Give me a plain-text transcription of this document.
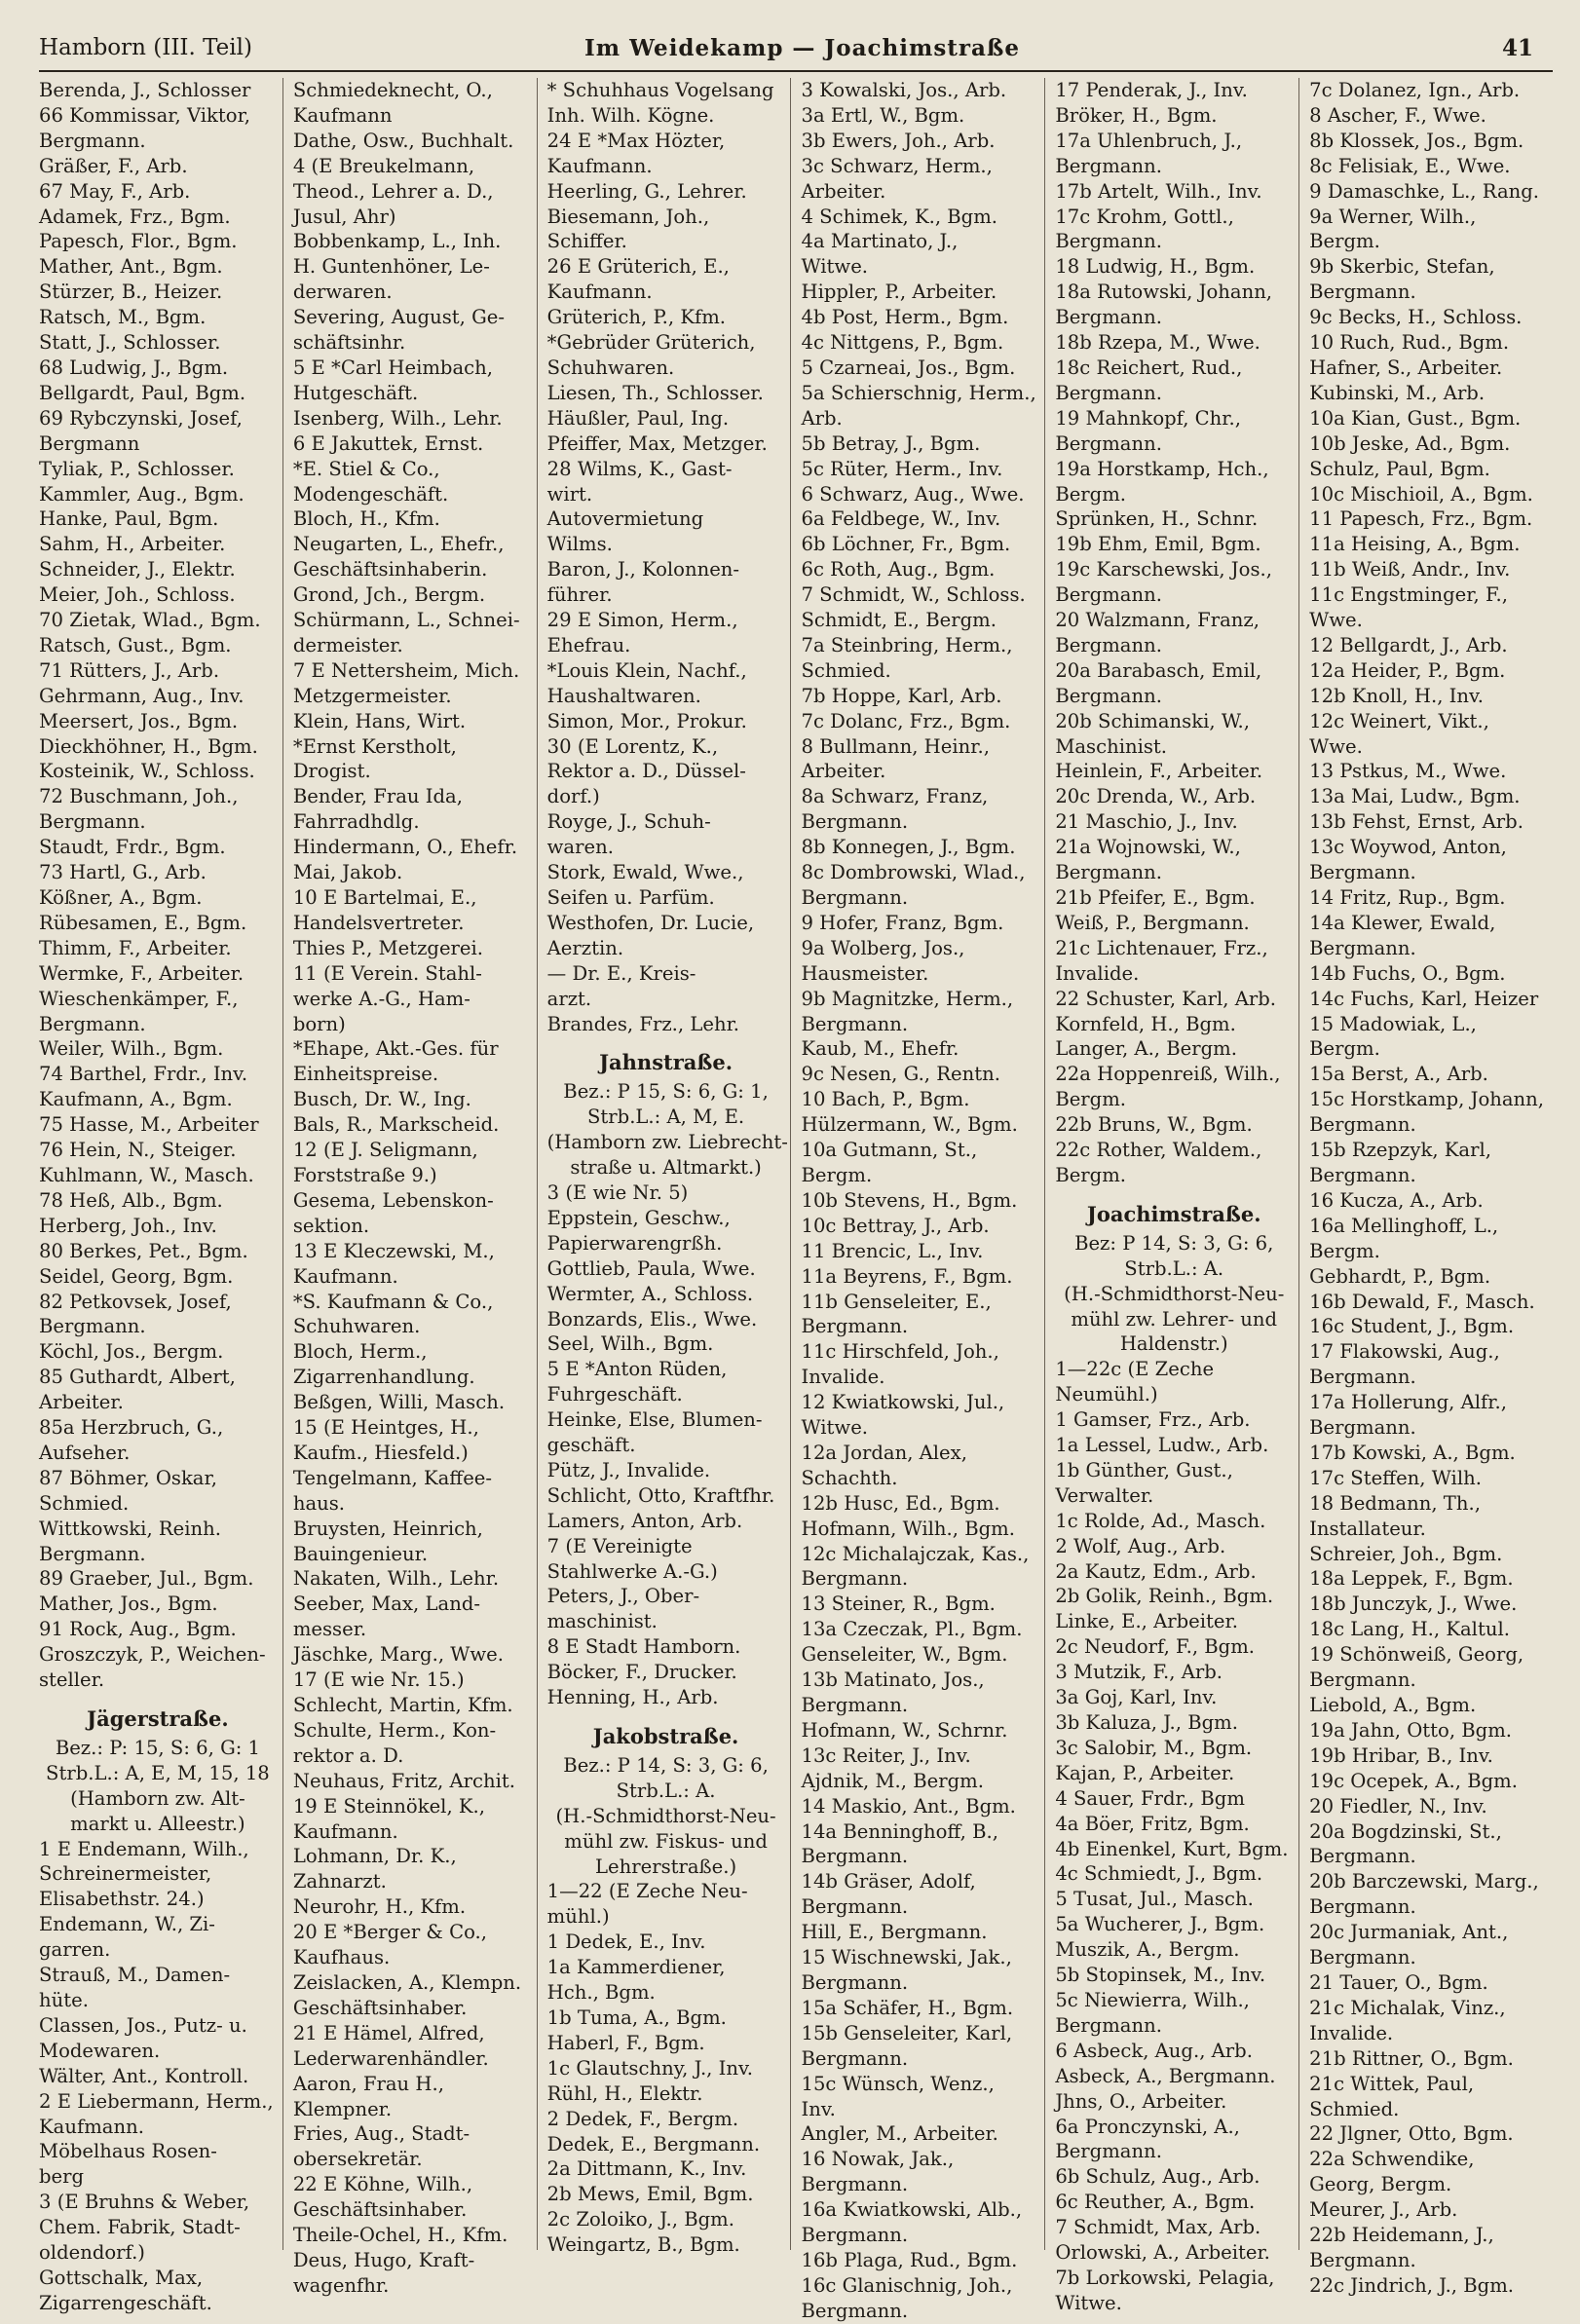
Hamborn (III. Teil)	Im Weidekamp — Joachimstraße	41
Berenda, J., Schlosser
66 Kommissar, Viktor,
Bergmann.
Gräßer, F., Arb.
67 May, F., Arb.
Adamek, Frz., Bgm.
Papesch, Flor., Bgm.
Mather, Ant., Bgm.
Stürzer, B., Heizer.
Ratsch, M., Bgm.
Statt, J., Schlosser.
68 Ludwig, J., Bgm.
Bellgardt, Paul, Bgm.
69 Rybczynski, Josef,
Bergmann
Tyliak, P., Schlosser.
Kammler, Aug., Bgm.
Hanke, Paul, Bgm.
Sahm, H., Arbeiter.
Schneider, J., Elektr.
Meier, Joh., Schloss.
70 Zietak, Wlad., Bgm.
Ratsch, Gust., Bgm.
71 Rütters, J., Arb.
Gehrmann, Aug., Inv.
Meersert, Jos., Bgm.
Dieckhöhner, H., Bgm.
Kosteinik, W., Schloss.
72 Buschmann, Joh.,
Bergmann.
Staudt, Frdr., Bgm.
73 Hartl, G., Arb.
Kößner, A., Bgm.
Rübesamen, E., Bgm.
Thimm, F., Arbeiter.
Wermke, F., Arbeiter.
Wieschenkämper, F.,
Bergmann.
Weiler, Wilh., Bgm.
74 Barthel, Frdr., Inv.
Kaufmann, A., Bgm.
75 Hasse, M., Arbeiter
76 Hein, N., Steiger.
Kuhlmann, W., Masch.
78 Heß, Alb., Bgm.
Herberg, Joh., Inv.
80 Berkes, Pet., Bgm.
Seidel, Georg, Bgm.
82 Petkovsek, Josef,
Bergmann.
Köchl, Jos., Bergm.
85 Guthardt, Albert,
Arbeiter.
85a Herzbruch, G.,
Aufseher.
87 Böhmer, Oskar,
Schmied.
Wittkowski, Reinh.
Bergmann.
89 Graeber, Jul., Bgm.
Mather, Jos., Bgm.
91 Rock, Aug., Bgm.
Groszczyk, P., Weichen-
steller.
Jägerstraße.
Bez.: P: 15, S: 6, G: 1
Strb.L.: A, E, M, 15, 18
(Hamborn zw. Alt-
markt u. Alleestr.)
1 E Endemann, Wilh.,
Schreinermeister,
Elisabethstr. 24.)
Endemann, W., Zi-
garren.
Strauß, M., Damen-
hüte.
Classen, Jos., Putz- u.
Modewaren.
Wälter, Ant., Kontroll.
2 E Liebermann, Herm.,
Kaufmann.
Möbelhaus Rosen-
berg
3 (E Bruhns & Weber,
Chem. Fabrik, Stadt-
oldendorf.)
Gottschalk, Max,
Zigarrengeschäft.
Schmiedeknecht, O.,
Kaufmann
Dathe, Osw., Buchhalt.
4 (E Breukelmann,
Theod., Lehrer a. D.,
Jusul, Ahr)
Bobbenkamp, L., Inh.
H. Guntenhöner, Le-
derwaren.
Severing, August, Ge-
schäftsinhr.
5 E *Carl Heimbach,
Hutgeschäft.
Isenberg, Wilh., Lehr.
6 E Jakuttek, Ernst.
*E. Stiel & Co.,
Modengeschäft.
Bloch, H., Kfm.
Neugarten, L., Ehefr.,
Geschäftsinhaberin.
Grond, Jch., Bergm.
Schürmann, L., Schnei-
dermeister.
7 E Nettersheim, Mich.
Metzgermeister.
Klein, Hans, Wirt.
*Ernst Kerstholt,
Drogist.
Bender, Frau Ida,
Fahrradhdlg.
Hindermann, O., Ehefr.
Mai, Jakob.
10 E Bartelmai, E.,
Handelsvertreter.
Thies P., Metzgerei.
11 (E Verein. Stahl-
werke A.-G., Ham-
born)
*Ehape, Akt.-Ges. für
Einheitspreise.
Busch, Dr. W., Ing.
Bals, R., Markscheid.
12 (E J. Seligmann,
Forststraße 9.)
Gesema, Lebenskon-
sektion.
13 E Kleczewski, M.,
Kaufmann.
*S. Kaufmann & Co.,
Schuhwaren.
Bloch, Herm.,
Zigarrenhandlung.
Beßgen, Willi, Masch.
15 (E Heintges, H.,
Kaufm., Hiesfeld.)
Tengelmann, Kaffee-
haus.
Bruysten, Heinrich,
Bauingenieur.
Nakaten, Wilh., Lehr.
Seeber, Max, Land-
messer.
Jäschke, Marg., Wwe.
17 (E wie Nr. 15.)
Schlecht, Martin, Kfm.
Schulte, Herm., Kon-
rektor a. D.
Neuhaus, Fritz, Archit.
19 E Steinnökel, K.,
Kaufmann.
Lohmann, Dr. K.,
Zahnarzt.
Neurohr, H., Kfm.
20 E *Berger & Co.,
Kaufhaus.
Zeislacken, A., Klempn.
Geschäftsinhaber.
21 E Hämel, Alfred,
Lederwarenhändler.
Aaron, Frau H.,
Klempner.
Fries, Aug., Stadt-
obersekretär.
22 E Köhne, Wilh.,
Geschäftsinhaber.
Theile-Ochel, H., Kfm.
Deus, Hugo, Kraft-
wagenfhr.
* Schuhhaus Vogelsang
Inh. Wilh. Kögne.
24 E *Max Hözter,
Kaufmann.
Heerling, G., Lehrer.
Biesemann, Joh.,
Schiffer.
26 E Grüterich, E.,
Kaufmann.
Grüterich, P., Kfm.
*Gebrüder Grüterich,
Schuhwaren.
Liesen, Th., Schlosser.
Häußler, Paul, Ing.
Pfeiffer, Max, Metzger.
28 Wilms, K., Gast-
wirt.
Autovermietung
Wilms.
Baron, J., Kolonnen-
führer.
29 E Simon, Herm.,
Ehefrau.
*Louis Klein, Nachf.,
Haushaltwaren.
Simon, Mor., Prokur.
30 (E Lorentz, K.,
Rektor a. D., Düssel-
dorf.)
Royge, J., Schuh-
waren.
Stork, Ewald, Wwe.,
Seifen u. Parfüm.
Westhofen, Dr. Lucie,
Aerztin.
— Dr. E., Kreis-
arzt.
Brandes, Frz., Lehr.
Jahnstraße.
Bez.: P 15, S: 6, G: 1,
Strb.L.: A, M, E.
(Hamborn zw. Liebrecht-
straße u. Altmarkt.)
3 (E wie Nr. 5)
Eppstein, Geschw.,
Papierwarengrßh.
Gottlieb, Paula, Wwe.
Wermter, A., Schloss.
Bonzards, Elis., Wwe.
Seel, Wilh., Bgm.
5 E *Anton Rüden,
Fuhrgeschäft.
Heinke, Else, Blumen-
geschäft.
Pütz, J., Invalide.
Schlicht, Otto, Kraftfhr.
Lamers, Anton, Arb.
7 (E Vereinigte
Stahlwerke A.-G.)
Peters, J., Ober-
maschinist.
8 E Stadt Hamborn.
Böcker, F., Drucker.
Henning, H., Arb.
Jakobstraße.
Bez.: P 14, S: 3, G: 6,
Strb.L.: A.
(H.-Schmidthorst-Neu-
mühl zw. Fiskus- und
Lehrerstraße.)
1—22 (E Zeche Neu-
mühl.)
1 Dedek, E., Inv.
1a Kammerdiener,
Hch., Bgm.
1b Tuma, A., Bgm.
Haberl, F., Bgm.
1c Glautschny, J., Inv.
Rühl, H., Elektr.
2 Dedek, F., Bergm.
Dedek, E., Bergmann.
2a Dittmann, K., Inv.
2b Mews, Emil, Bgm.
2c Zoloiko, J., Bgm.
Weingartz, B., Bgm.
3 Kowalski, Jos., Arb.
3a Ertl, W., Bgm.
3b Ewers, Joh., Arb.
3c Schwarz, Herm.,
Arbeiter.
4 Schimek, K., Bgm.
4a Martinato, J.,
Witwe.
Hippler, P., Arbeiter.
4b Post, Herm., Bgm.
4c Nittgens, P., Bgm.
5 Czarneai, Jos., Bgm.
5a Schierschnig, Herm.,
Arb.
5b Betray, J., Bgm.
5c Rüter, Herm., Inv.
6 Schwarz, Aug., Wwe.
6a Feldbege, W., Inv.
6b Löchner, Fr., Bgm.
6c Roth, Aug., Bgm.
7 Schmidt, W., Schloss.
Schmidt, E., Bergm.
7a Steinbring, Herm.,
Schmied.
7b Hoppe, Karl, Arb.
7c Dolanc, Frz., Bgm.
8 Bullmann, Heinr.,
Arbeiter.
8a Schwarz, Franz,
Bergmann.
8b Konnegen, J., Bgm.
8c Dombrowski, Wlad.,
Bergmann.
9 Hofer, Franz, Bgm.
9a Wolberg, Jos.,
Hausmeister.
9b Magnitzke, Herm.,
Bergmann.
Kaub, M., Ehefr.
9c Nesen, G., Rentn.
10 Bach, P., Bgm.
Hülzermann, W., Bgm.
10a Gutmann, St.,
Bergm.
10b Stevens, H., Bgm.
10c Bettray, J., Arb.
11 Brencic, L., Inv.
11a Beyrens, F., Bgm.
11b Genseleiter, E.,
Bergmann.
11c Hirschfeld, Joh.,
Invalide.
12 Kwiatkowski, Jul.,
Witwe.
12a Jordan, Alex,
Schachth.
12b Husc, Ed., Bgm.
Hofmann, Wilh., Bgm.
12c Michalajczak, Kas.,
Bergmann.
13 Steiner, R., Bgm.
13a Czeczak, Pl., Bgm.
Genseleiter, W., Bgm.
13b Matinato, Jos.,
Bergmann.
Hofmann, W., Schrnr.
13c Reiter, J., Inv.
Ajdnik, M., Bergm.
14 Maskio, Ant., Bgm.
14a Benninghoff, B.,
Bergmann.
14b Gräser, Adolf,
Bergmann.
Hill, E., Bergmann.
15 Wischnewski, Jak.,
Bergmann.
15a Schäfer, H., Bgm.
15b Genseleiter, Karl,
Bergmann.
15c Wünsch, Wenz.,
Inv.
Angler, M., Arbeiter.
16 Nowak, Jak.,
Bergmann.
16a Kwiatkowski, Alb.,
Bergmann.
16b Plaga, Rud., Bgm.
16c Glanischnig, Joh.,
Bergmann.
17 Penderak, J., Inv.
Bröker, H., Bgm.
17a Uhlenbruch, J.,
Bergmann.
17b Artelt, Wilh., Inv.
17c Krohm, Gottl.,
Bergmann.
18 Ludwig, H., Bgm.
18a Rutowski, Johann,
Bergmann.
18b Rzepa, M., Wwe.
18c Reichert, Rud.,
Bergmann.
19 Mahnkopf, Chr.,
Bergmann.
19a Horstkamp, Hch.,
Bergm.
Sprünken, H., Schnr.
19b Ehm, Emil, Bgm.
19c Karschewski, Jos.,
Bergmann.
20 Walzmann, Franz,
Bergmann.
20a Barabasch, Emil,
Bergmann.
20b Schimanski, W.,
Maschinist.
Heinlein, F., Arbeiter.
20c Drenda, W., Arb.
21 Maschio, J., Inv.
21a Wojnowski, W.,
Bergmann.
21b Pfeifer, E., Bgm.
Weiß, P., Bergmann.
21c Lichtenauer, Frz.,
Invalide.
22 Schuster, Karl, Arb.
Kornfeld, H., Bgm.
Langer, A., Bergm.
22a Hoppenreiß, Wilh.,
Bergm.
22b Bruns, W., Bgm.
22c Rother, Waldem.,
Bergm.
Joachimstraße.
Bez: P 14, S: 3, G: 6,
Strb.L.: A.
(H.-Schmidthorst-Neu-
mühl zw. Lehrer- und
Haldenstr.)
1—22c (E Zeche
Neumühl.)
1 Gamser, Frz., Arb.
1a Lessel, Ludw., Arb.
1b Günther, Gust.,
Verwalter.
1c Rolde, Ad., Masch.
2 Wolf, Aug., Arb.
2a Kautz, Edm., Arb.
2b Golik, Reinh., Bgm.
Linke, E., Arbeiter.
2c Neudorf, F., Bgm.
3 Mutzik, F., Arb.
3a Goj, Karl, Inv.
3b Kaluza, J., Bgm.
3c Salobir, M., Bgm.
Kajan, P., Arbeiter.
4 Sauer, Frdr., Bgm
4a Böer, Fritz, Bgm.
4b Einenkel, Kurt, Bgm.
4c Schmiedt, J., Bgm.
5 Tusat, Jul., Masch.
5a Wucherer, J., Bgm.
Muszik, A., Bergm.
5b Stopinsek, M., Inv.
5c Niewierra, Wilh.,
Bergmann.
6 Asbeck, Aug., Arb.
Asbeck, A., Bergmann.
Jhns, O., Arbeiter.
6a Pronczynski, A.,
Bergmann.
6b Schulz, Aug., Arb.
6c Reuther, A., Bgm.
7 Schmidt, Max, Arb.
Orlowski, A., Arbeiter.
7b Lorkowski, Pelagia,
Witwe.
7c Dolanez, Ign., Arb.
8 Ascher, F., Wwe.
8b Klossek, Jos., Bgm.
8c Felisiak, E., Wwe.
9 Damaschke, L., Rang.
9a Werner, Wilh.,
Bergm.
9b Skerbic, Stefan,
Bergmann.
9c Becks, H., Schloss.
10 Ruch, Rud., Bgm.
Hafner, S., Arbeiter.
Kubinski, M., Arb.
10a Kian, Gust., Bgm.
10b Jeske, Ad., Bgm.
Schulz, Paul, Bgm.
10c Mischioil, A., Bgm.
11 Papesch, Frz., Bgm.
11a Heising, A., Bgm.
11b Weiß, Andr., Inv.
11c Engstminger, F.,
Wwe.
12 Bellgardt, J., Arb.
12a Heider, P., Bgm.
12b Knoll, H., Inv.
12c Weinert, Vikt.,
Wwe.
13 Pstkus, M., Wwe.
13a Mai, Ludw., Bgm.
13b Fehst, Ernst, Arb.
13c Woywod, Anton,
Bergmann.
14 Fritz, Rup., Bgm.
14a Klewer, Ewald,
Bergmann.
14b Fuchs, O., Bgm.
14c Fuchs, Karl, Heizer
15 Madowiak, L.,
Bergm.
15a Berst, A., Arb.
15c Horstkamp, Johann,
Bergmann.
15b Rzepzyk, Karl,
Bergmann.
16 Kucza, A., Arb.
16a Mellinghoff, L.,
Bergm.
Gebhardt, P., Bgm.
16b Dewald, F., Masch.
16c Student, J., Bgm.
17 Flakowski, Aug.,
Bergmann.
17a Hollerung, Alfr.,
Bergmann.
17b Kowski, A., Bgm.
17c Steffen, Wilh.
18 Bedmann, Th.,
Installateur.
Schreier, Joh., Bgm.
18a Leppek, F., Bgm.
18b Junczyk, J., Wwe.
18c Lang, H., Kaltul.
19 Schönweiß, Georg,
Bergmann.
Liebold, A., Bgm.
19a Jahn, Otto, Bgm.
19b Hribar, B., Inv.
19c Ocepek, A., Bgm.
20 Fiedler, N., Inv.
20a Bogdzinski, St.,
Bergmann.
20b Barczewski, Marg.,
Bergmann.
20c Jurmaniak, Ant.,
Bergmann.
21 Tauer, O., Bgm.
21c Michalak, Vinz.,
Invalide.
21b Rittner, O., Bgm.
21c Wittek, Paul,
Schmied.
22 Jlgner, Otto, Bgm.
22a Schwendike,
Georg, Bergm.
Meurer, J., Arb.
22b Heidemann, J.,
Bergmann.
22c Jindrich, J., Bgm.
